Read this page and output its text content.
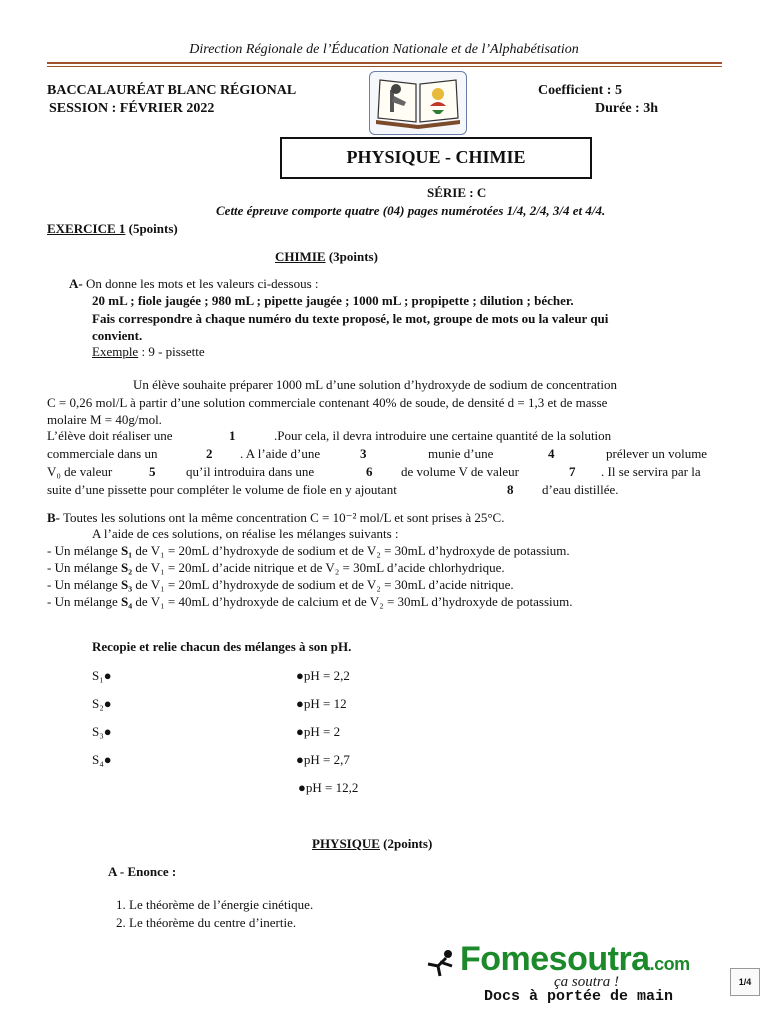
Direction Régionale de l’Éducation Nationale et de l’Alphabétisation
BACCALAURÉAT BLANC RÉGIONAL
SESSION : FÉVRIER 2022
Coefficient : 5
Durée : 3h
PHYSIQUE - CHIMIE
SÉRIE : C
Cette épreuve comporte quatre (04) pages numérotées 1/4, 2/4, 3/4 et 4/4.
EXERCICE 1 (5points)
CHIMIE (3points)
A- On donne les mots et les valeurs ci-dessous :
20 mL ; fiole jaugée ; 980 mL ; pipette jaugée ; 1000 mL ; propipette ; dilution ; bécher.
Fais correspondre à chaque numéro du texte proposé, le mot, groupe de mots ou la valeur qui
convient.
Exemple : 9 - pissette
Un élève souhaite préparer 1000 mL d’une solution d’hydroxyde de sodium de concentration
C = 0,26 mol/L à partir d’une solution commerciale contenant 40% de soude, de densité d = 1,3 et de masse
molaire M = 40g/mol.
L’élève doit réaliser une	1	.Pour cela, il devra introduire une certaine quantité de la solution
commerciale dans un	2 . A l’aide d’une	3	munie d’une	4	prélever un volume
V₀ de valeur	5 qu’il introduira dans une	6 de volume V de valeur	7 . Il se servira par la
suite d’une pissette pour compléter le volume de fiole en y ajoutant	8 d’eau distillée.
B- Toutes les solutions ont la même concentration C = 10⁻² mol/L et sont prises à 25°C.
A l’aide de ces solutions, on réalise les mélanges suivants :
- Un mélange S₁ de V₁ = 20mL d’hydroxyde de sodium et de V₂ = 30mL d’hydroxyde de potassium.
- Un mélange S₂ de V₁ = 20mL d’acide nitrique et de V₂ = 30mL d’acide chlorhydrique.
- Un mélange S₃ de V₁ = 20mL d’hydroxyde de sodium et de V₂ = 30mL d’acide nitrique.
- Un mélange S₄ de V₁ = 40mL d’hydroxyde de calcium et de V₂ = 30mL d’hydroxyde de potassium.
Recopie et relie chacun des mélanges à son pH.
S₁●
S₂●
S₃●
S₄●
●pH = 2,2
●pH = 12
●pH = 2
●pH = 2,7
●pH = 12,2
PHYSIQUE (2points)
A - Enonce :
1. Le théorème de l’énergie cinétique.
2. Le théorème du centre d’inertie.
Fomesoutra.com
ça soutra !
Docs à portée de main
1/4
